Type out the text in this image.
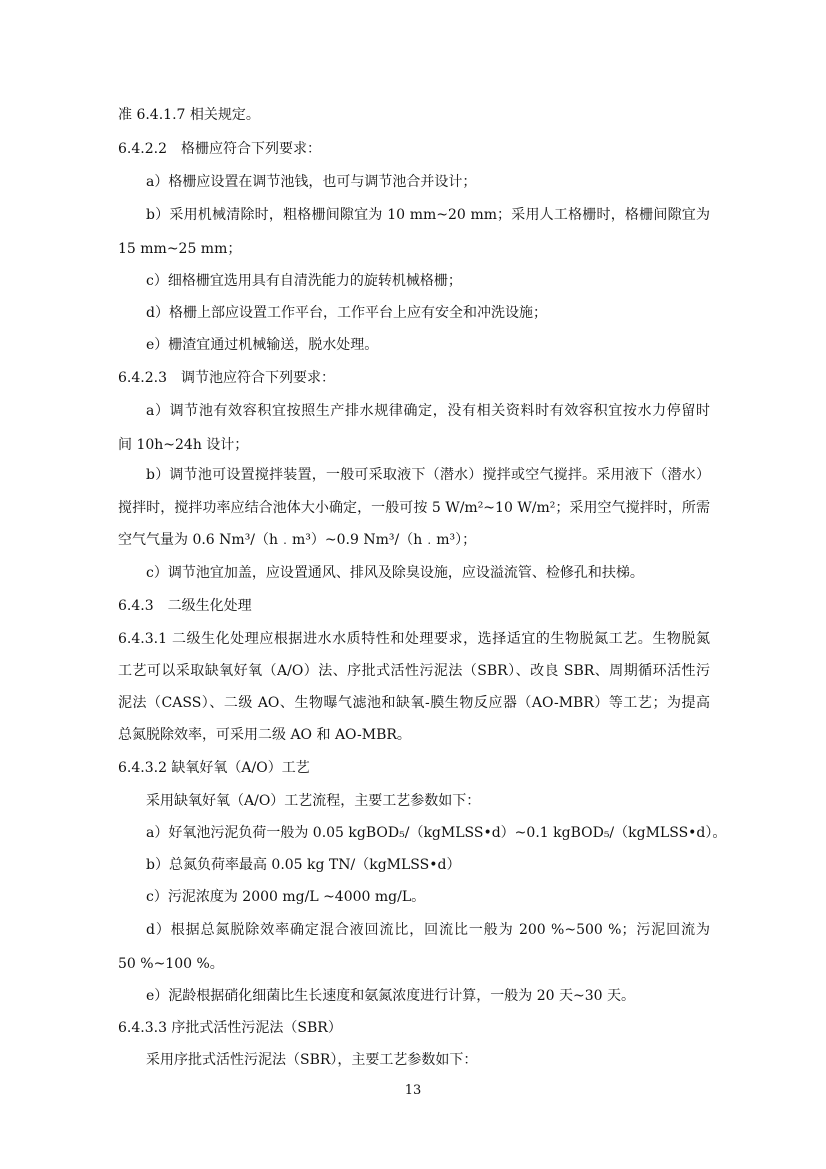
准 6.4.1.7 相关规定。
6.4.2.2　格栅应符合下列要求：
a）格栅应设置在调节池钱，也可与调节池合并设计；
b）采用机械清除时，粗格栅间隙宜为 10 mm~20 mm；采用人工格栅时，格栅间隙宜为
15 mm~25 mm；
c）细格栅宜选用具有自清洗能力的旋转机械格栅；
d）格栅上部应设置工作平台，工作平台上应有安全和冲洗设施；
e）栅渣宜通过机械输送，脱水处理。
6.4.2.3　调节池应符合下列要求：
a）调节池有效容积宜按照生产排水规律确定，没有相关资料时有效容积宜按水力停留时
间 10h~24h 设计；
b）调节池可设置搅拌装置，一般可采取液下（潜水）搅拌或空气搅拌。采用液下（潜水）
搅拌时，搅拌功率应结合池体大小确定，一般可按 5 W/m²~10 W/m²；采用空气搅拌时，所需
空气气量为 0.6 Nm³/（h﹒m³）~0.9 Nm³/（h﹒m³）；
c）调节池宜加盖，应设置通风、排风及除臭设施，应设溢流管、检修孔和扶梯。
6.4.3　二级生化处理
6.4.3.1 二级生化处理应根据进水水质特性和处理要求，选择适宜的生物脱氮工艺。生物脱氮
工艺可以采取缺氧好氧（A/O）法、序批式活性污泥法（SBR）、改良 SBR、周期循环活性污
泥法（CASS）、二级 AO、生物曝气滤池和缺氧-膜生物反应器（AO-MBR）等工艺；为提高
总氮脱除效率，可采用二级 AO 和 AO-MBR。
6.4.3.2 缺氧好氧（A/O）工艺
采用缺氧好氧（A/O）工艺流程，主要工艺参数如下：
a）好氧池污泥负荷一般为 0.05 kgBOD₅/（kgMLSS•d）~0.1 kgBOD₅/（kgMLSS•d）。
b）总氮负荷率最高 0.05 kg TN/（kgMLSS•d）
c）污泥浓度为 2000 mg/L ~4000 mg/L。
d）根据总氮脱除效率确定混合液回流比，回流比一般为 200 %~500 %；污泥回流为
50 %~100 %。
e）泥龄根据硝化细菌比生长速度和氨氮浓度进行计算，一般为 20 天~30 天。
6.4.3.3 序批式活性污泥法（SBR）
采用序批式活性污泥法（SBR），主要工艺参数如下：
13
